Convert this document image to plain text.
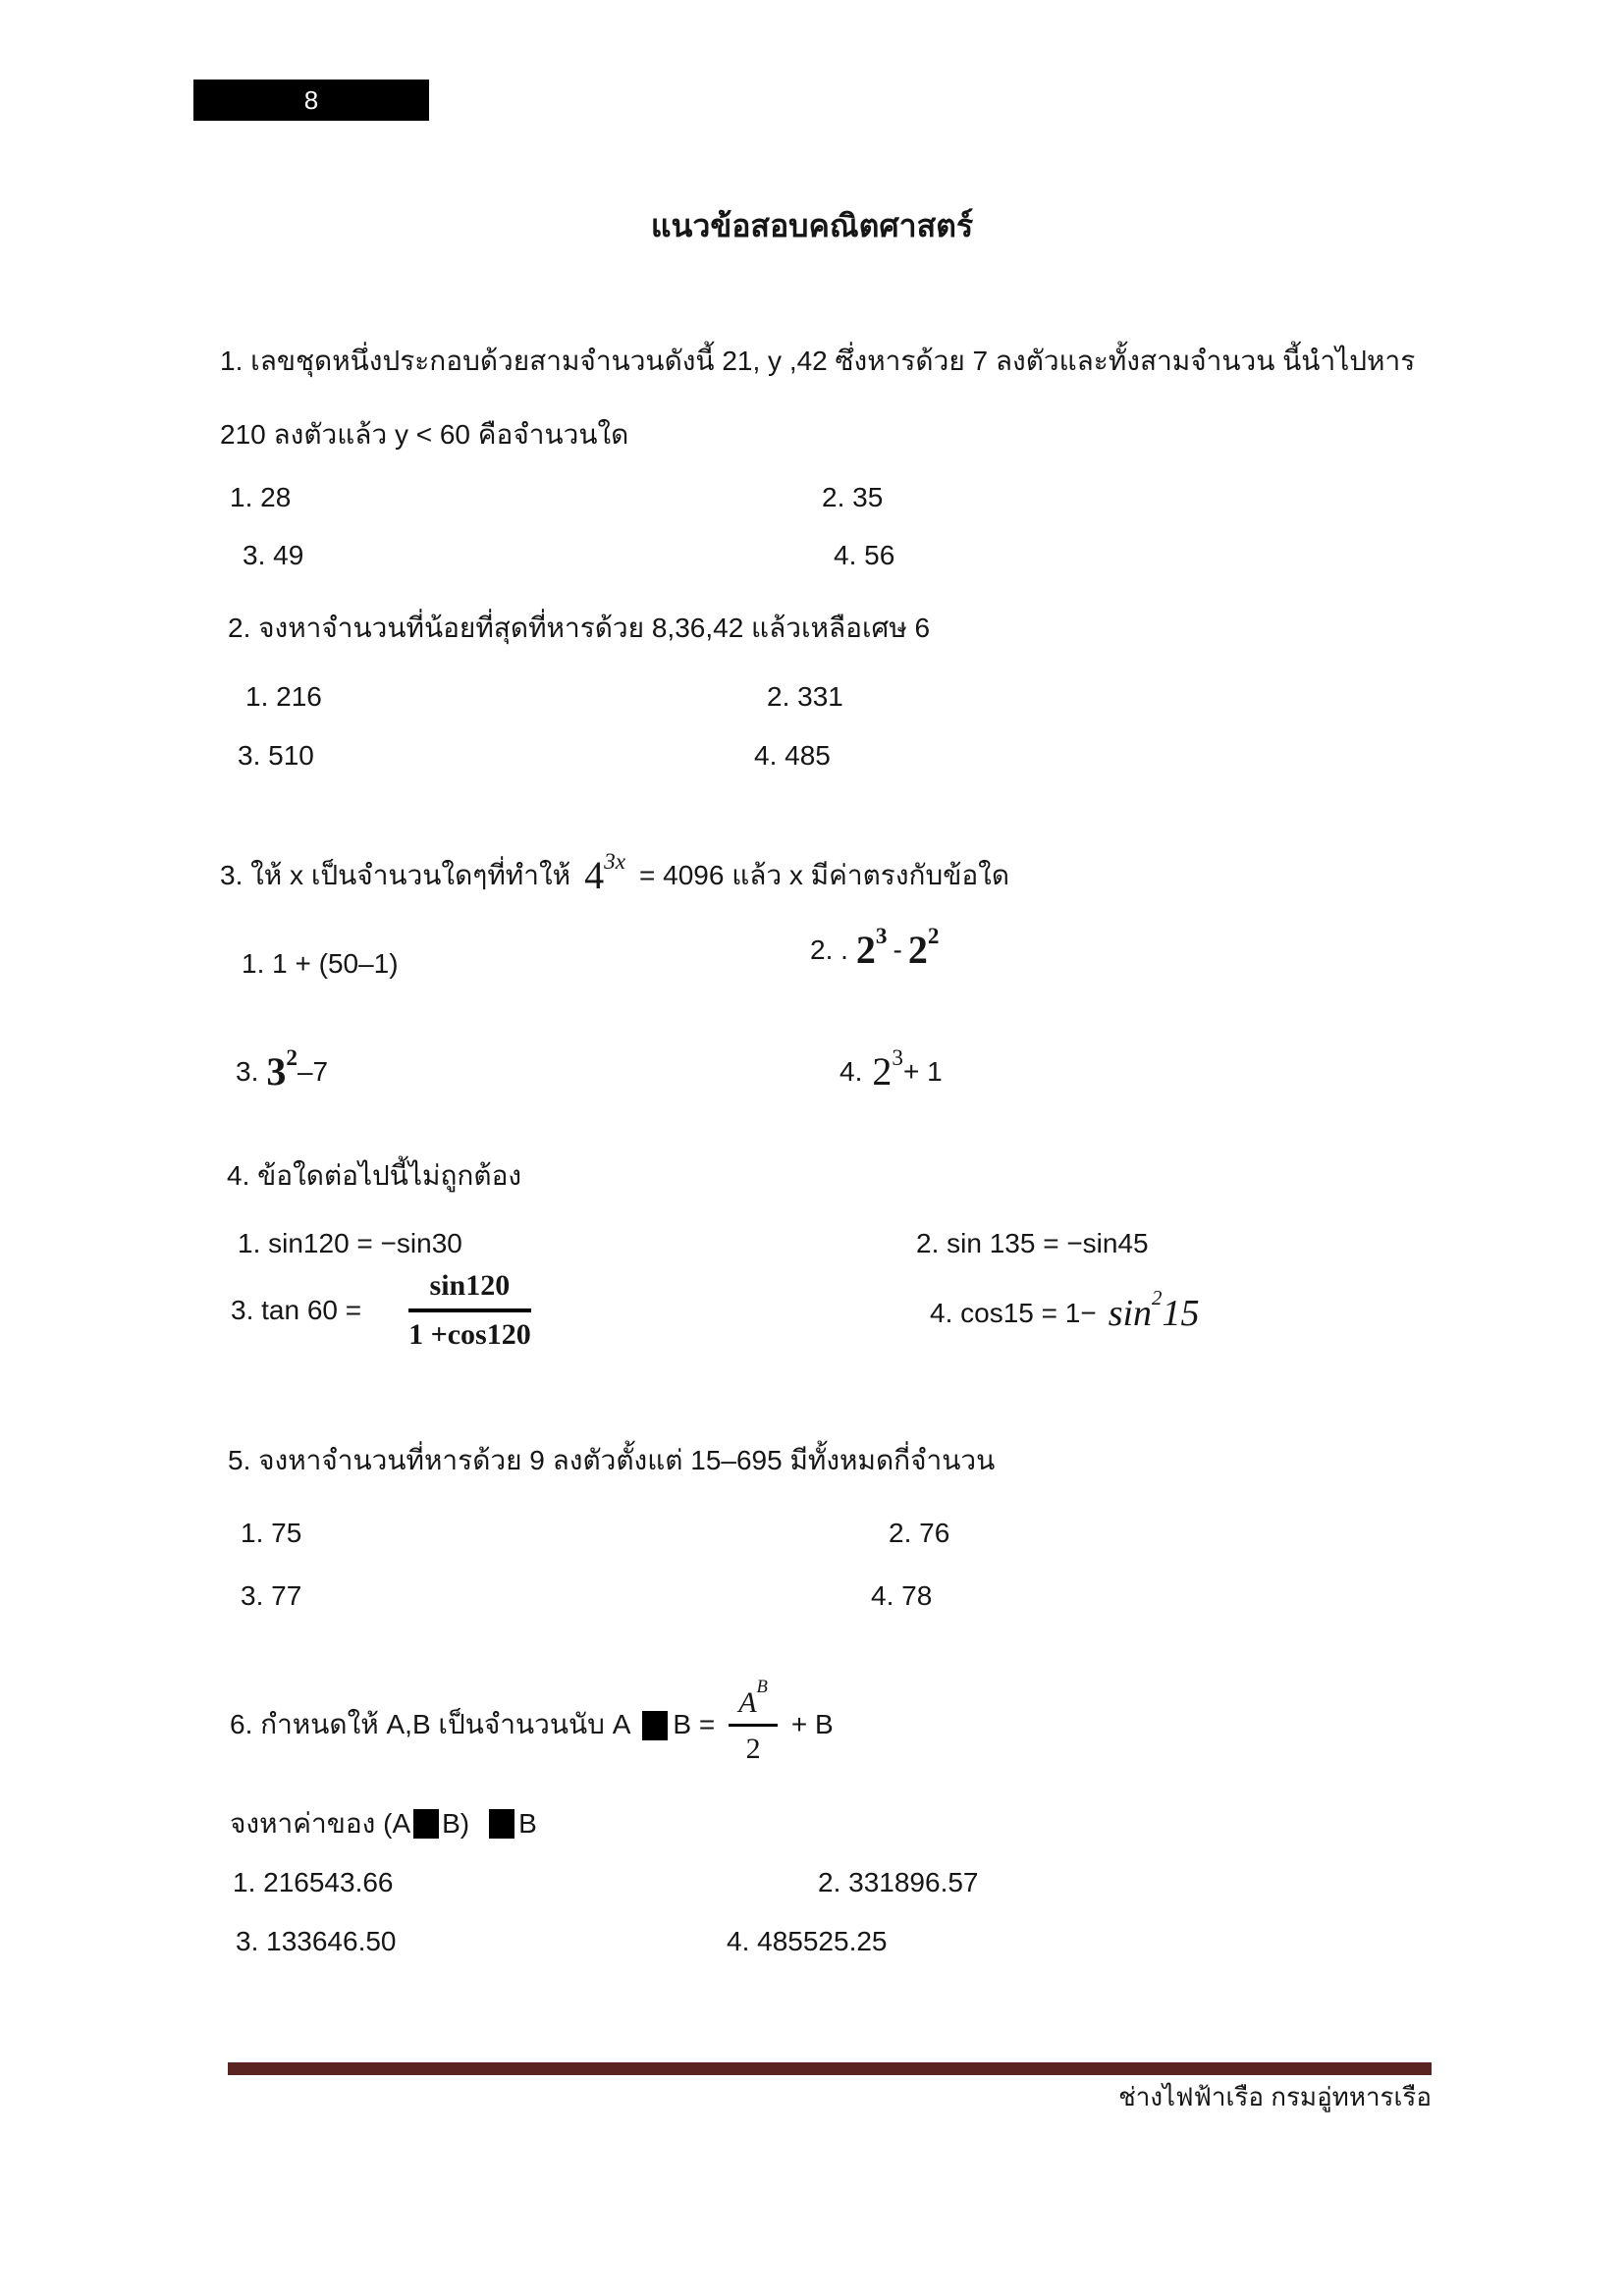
8
แนวข้อสอบคณิตศาสตร์
1. เลขชุดหนึ่งประกอบด้วยสามจำนวนดังนี้ 21, y ,42 ซึ่งหารด้วย 7 ลงตัวและทั้งสามจำนวน นี้นำไปหาร
210 ลงตัวแล้ว y < 60 คือจำนวนใด
1. 28	2. 35
3. 49	4. 56
2. จงหาจำนวนที่น้อยที่สุดที่หารด้วย 8,36,42 แล้วเหลือเศษ 6
1. 216	2. 331
3. 510	4. 485
3. ให้ x เป็นจำนวนใดๆที่ทำให้ $4^{3x} = 4096$ แล้ว x มีค่าตรงกับข้อใด
1. 1 + (50–1)	2. . $2^3 - 2^2$
3. $3^2$ –7	4. $2^3 + 1$
4. ข้อใดต่อไปนี้ไม่ถูกต้อง
1. sin120 = −sin30	2. sin 135 = −sin45
3. $\tan 60 = \frac{\sin 120}{1 +\cos 120}$	4. $\cos 15 = 1- \sin^215$
5. จงหาจำนวนที่หารด้วย 9 ลงตัวตั้งแต่ 15–695 มีทั้งหมดกี่จำนวน
1. 75	2. 76
3. 77	4. 78
6. กำหนดให้ A,B เป็นจำนวนนับ A $B = \frac{A^B}{2} + B$
จงหาค่าของ (A B) B
1. 216543.66	2. 331896.57
3. 133646.50	4. 485525.25
ช่างไฟฟ้าเรือ กรมอู่ทหารเรือ
